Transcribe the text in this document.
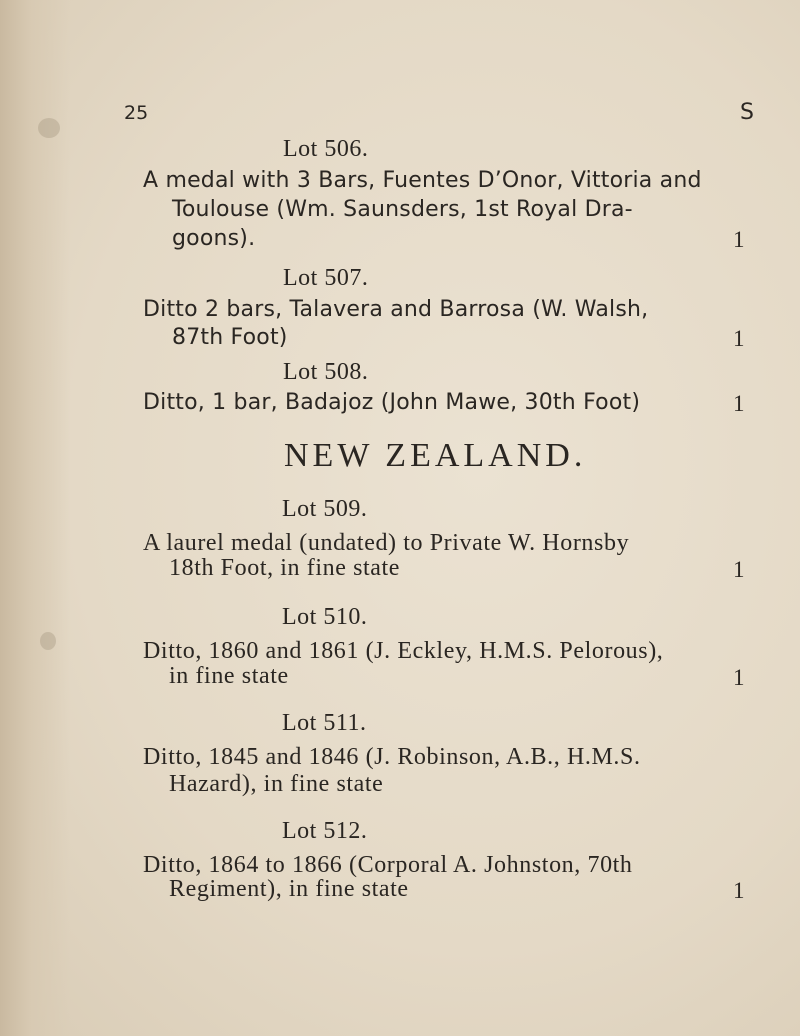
25	S
Lot 506.
A medal with 3 Bars, Fuentes D’Onor, Vittoria and
Toulouse (Wm. Saunsders, 1st Royal Dra-
goons).	1
Lot 507.
Ditto 2 bars, Talavera and Barrosa (W. Walsh,
87th Foot)	1
Lot 508.
Ditto, 1 bar, Badajoz (John Mawe, 30th Foot)	1
NEW ZEALAND.
Lot 509.
A laurel medal (undated) to Private W. Hornsby
18th Foot, in fine state	1
Lot 510.
Ditto, 1860 and 1861 (J. Eckley, H.M.S. Pelorous),
in fine state	1
Lot 511.
Ditto, 1845 and 1846 (J. Robinson, A.B., H.M.S.
Hazard), in fine state
Lot 512.
Ditto, 1864 to 1866 (Corporal A. Johnston, 70th
Regiment), in fine state	1
